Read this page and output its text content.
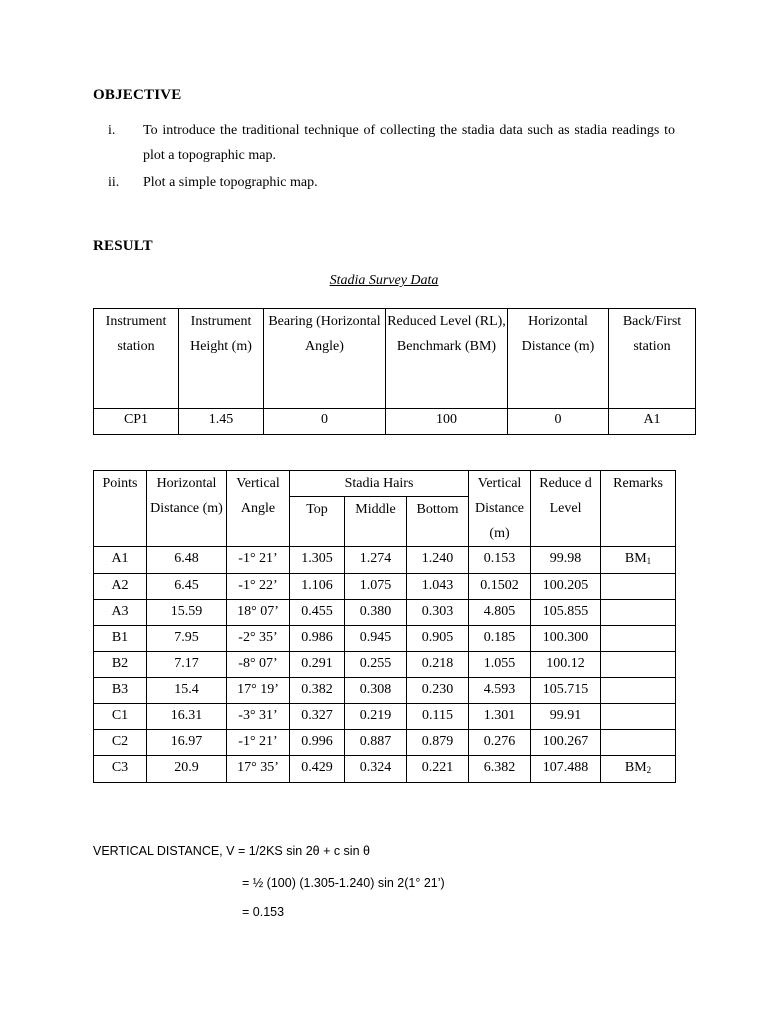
OBJECTIVE
i. To introduce the traditional technique of collecting the stadia data such as stadia readings to plot a topographic map.
ii. Plot a simple topographic map.
RESULT
Stadia Survey Data
Instrument station	Instrument Height (m)	Bearing (Horizontal Angle)	Reduced Level (RL), Benchmark (BM)	Horizontal Distance (m)	Back/First station
CP1	1.45	0	100	0	A1
Points	Horizontal Distance (m)	Vertical Angle	Stadia Hairs			Vertical Distance (m)	Reduce d Level	Remarks
			Top	Middle	Bottom			
A1	6.48	-1° 21’	1.305	1.274	1.240	0.153	99.98	$BM_1$
A2	6.45	-1° 22’	1.106	1.075	1.043	0.1502	100.205	
A3	15.59	18° 07’	0.455	0.380	0.303	4.805	105.855	
B1	7.95	-2° 35’	0.986	0.945	0.905	0.185	100.300	
B2	7.17	-8° 07’	0.291	0.255	0.218	1.055	100.12	
B3	15.4	17° 19’	0.382	0.308	0.230	4.593	105.715	
C1	16.31	-3° 31’	0.327	0.219	0.115	1.301	99.91	
C2	16.97	-1° 21’	0.996	0.887	0.879	0.276	100.267	
C3	20.9	17° 35’	0.429	0.324	0.221	6.382	107.488	$BM_2$
VERTICAL DISTANCE, V = 1/2KS sin 2θ + c sin θ
= ½ (100) (1.305-1.240) sin 2(1° 21’)
= 0.153
